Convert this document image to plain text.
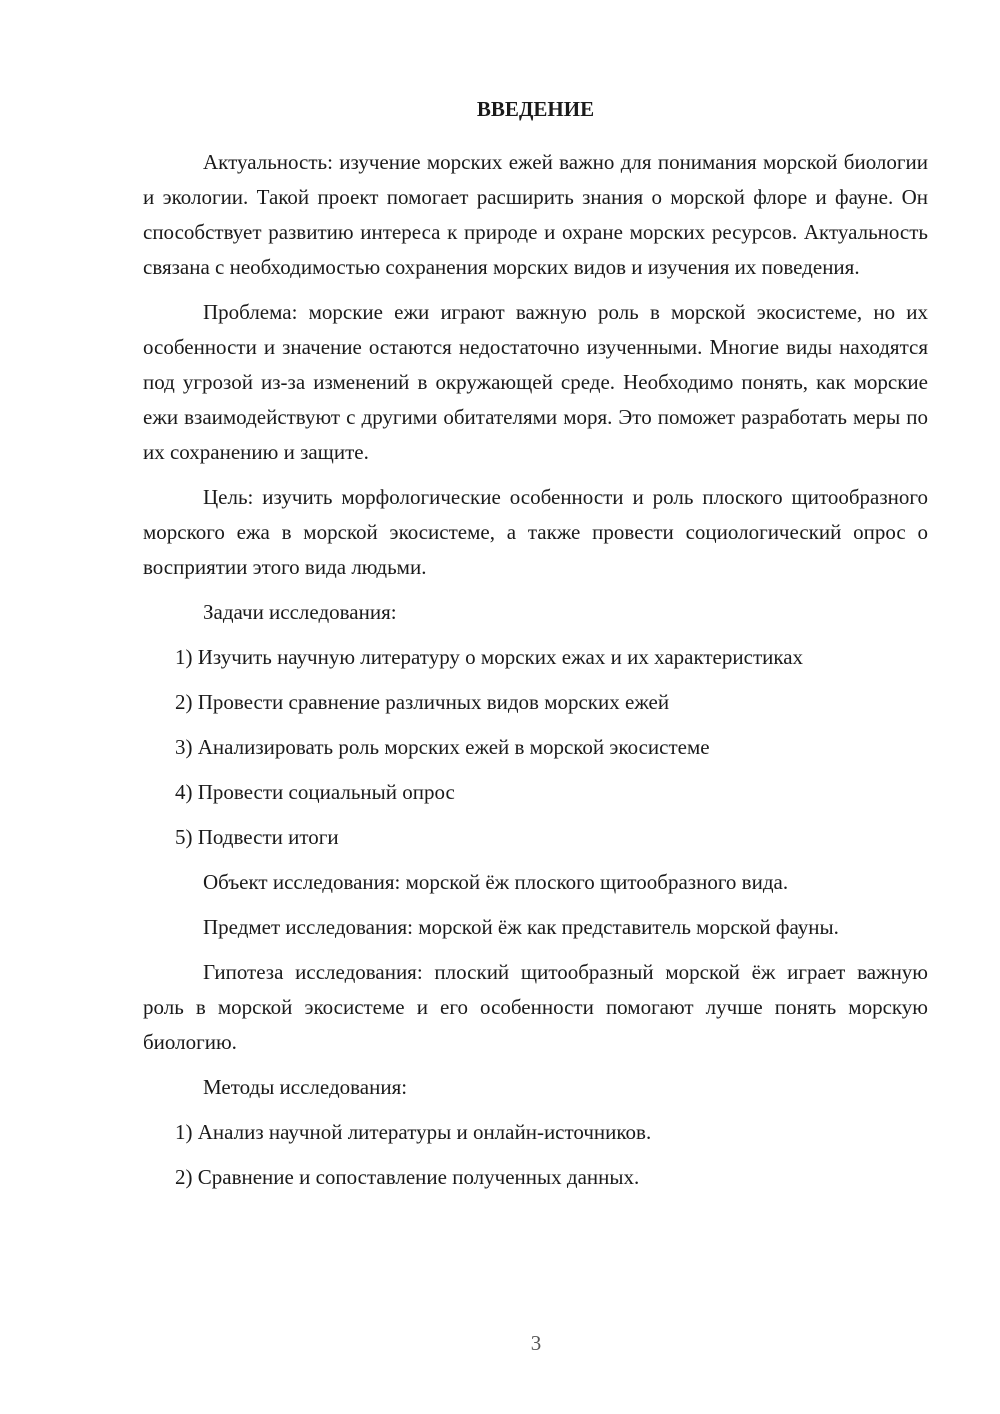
ВВЕДЕНИЕ

Актуальность: изучение морских ежей важно для понимания морской биологии и экологии. Такой проект помогает расширить знания о морской флоре и фауне. Он способствует развитию интереса к природе и охране морских ресурсов. Актуальность связана с необходимостью сохранения морских видов и изучения их поведения.

Проблема: морские ежи играют важную роль в морской экосистеме, но их особенности и значение остаются недостаточно изученными. Многие виды находятся под угрозой из-за изменений в окружающей среде. Необходимо понять, как морские ежи взаимодействуют с другими обитателями моря. Это поможет разработать меры по их сохранению и защите.

Цель: изучить морфологические особенности и роль плоского щитообразного морского ежа в морской экосистеме, а также провести социологический опрос о восприятии этого вида людьми.

Задачи исследования:
1) Изучить научную литературу о морских ежах и их характеристиках
2) Провести сравнение различных видов морских ежей
3) Анализировать роль морских ежей в морской экосистеме
4) Провести социальный опрос
5) Подвести итоги

Объект исследования: морской ёж плоского щитообразного вида.

Предмет исследования: морской ёж как представитель морской фауны.

Гипотеза исследования: плоский щитообразный морской ёж играет важную роль в морской экосистеме и его особенности помогают лучше понять морскую биологию.

Методы исследования:
1) Анализ научной литературы и онлайн-источников.
2) Сравнение и сопоставление полученных данных.
3
